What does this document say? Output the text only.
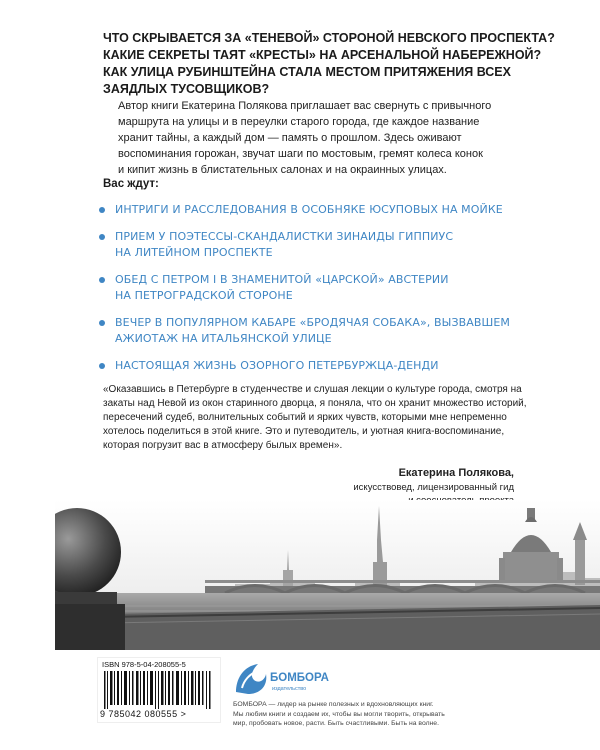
ЧТО СКРЫВАЕТСЯ ЗА «ТЕНЕВОЙ» СТОРОНОЙ НЕВСКОГО ПРОСПЕКТА?
КАКИЕ СЕКРЕТЫ ТАЯТ «КРЕСТЫ» НА АРСЕНАЛЬНОЙ НАБЕРЕЖНОЙ?
КАК УЛИЦА РУБИНШТЕЙНА СТАЛА МЕСТОМ ПРИТЯЖЕНИЯ ВСЕХ
ЗАЯДЛЫХ ТУСОВЩИКОВ?
Автор книги Екатерина Полякова приглашает вас свернуть с привычного
маршрута на улицы и в переулки старого города, где каждое название
хранит тайны, а каждый дом — память о прошлом. Здесь оживают
воспоминания горожан, звучат шаги по мостовым, гремят колеса конок
и кипит жизнь в блистательных салонах и на окраинных улицах.
Вас ждут:
ИНТРИГИ И РАССЛЕДОВАНИЯ В ОСОБНЯКЕ ЮСУПОВЫХ НА МОЙКЕ
ПРИЕМ У ПОЭТЕССЫ-СКАНДАЛИСТКИ ЗИНАИДЫ ГИППИУС
НА ЛИТЕЙНОМ ПРОСПЕКТЕ
ОБЕД С ПЕТРОМ I В ЗНАМЕНИТОЙ «ЦАРСКОЙ» АВСТЕРИИ
НА ПЕТРОГРАДСКОЙ СТОРОНЕ
ВЕЧЕР В ПОПУЛЯРНОМ КАБАРЕ «БРОДЯЧАЯ СОБАКА», ВЫЗВАВШЕМ
АЖИОТАЖ НА ИТАЛЬЯНСКОЙ УЛИЦЕ
НАСТОЯЩАЯ ЖИЗНЬ ОЗОРНОГО ПЕТЕРБУРЖЦА-ДЕНДИ
«Оказавшись в Петербурге в студенчестве и слушая лекции о культуре города, смотря на
закаты над Невой из окон старинного дворца, я поняла, что он хранит множество историй,
пересечений судеб, волнительных событий и ярких чувств, которыми мне непременно
хотелось поделиться в этой книге. Это и путеводитель, и уютная книга-воспоминание,
которая погрузит вас в атмосферу былых времен».
Екатерина Полякова,
искусствовед, лицензированный гид
ISBN 978-5-04-208055-5
9 785042 080555 >
БОМБОРА
издательство
БОМБОРА — лидер на рынке полезных и вдохновляющих книг.
Мы любим книги и создаем их, чтобы вы могли творить, открывать
мир, пробовать новое, расти. Быть счастливыми. Быть на волне.
